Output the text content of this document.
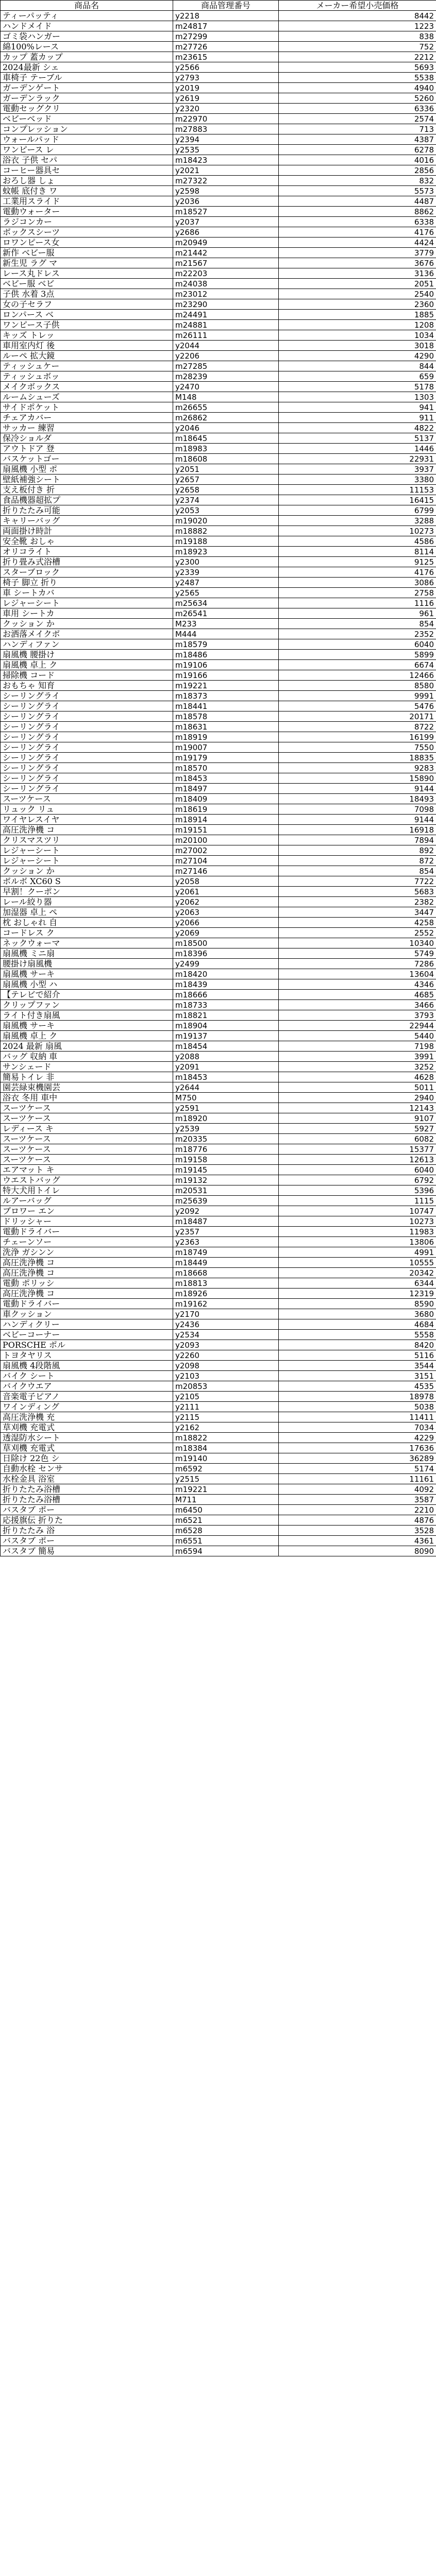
商品名	商品管理番号	メーカー希望小売価格
ティーパッティ	y2218	8442
ハンドメイド	m24817	1223
ゴミ袋ハンガー	m27299	838
綿100%レース	m27726	752
カップ 蓋カップ	m23615	2212
2024最新 シェ	y2566	5693
車椅子 テーブル	y2793	5538
ガーデンゲート	y2019	4940
ガーデンラック	y2619	5260
電動セッグクリ	y2320	6336
ベビーベッド	m22970	2574
コンプレッション	m27883	713
ウォールパッド	y2394	4387
ワンピース レ	y2535	6278
浴衣 子供 セパ	m18423	4016
コーヒー器具セ	y2021	2856
おろし器 しょ	m27322	832
蚊帳 底付き ワ	y2598	5573
工業用スライド	y2036	4487
電動ウォーター	m18527	8862
ラジコンカー	y2037	6338
ボックスシーツ	y2686	4176
ロワンピース女	m20949	4424
新作 ベビー服	m21442	3779
新生児 ラグ マ	m21567	3676
レース丸ドレス	m22203	3136
ベビー服 ベビ	m24038	2051
子供 水着 3点	m23012	2540
女の子セラフ	m23290	2360
ロンパース ベ	m24491	1885
ワンピース子供	m24881	1208
キッズ トレッ	m26111	1034
車用室内灯 後	y2044	3018
ルーペ 拡大鏡	y2206	4290
ティッシュケー	m27285	844
ティッシュボッ	m28239	659
メイクボックス	y2470	5178
ルームシューズ	M148	1303
サイドポケット	m26655	941
チェアカバー	m26862	911
サッカー 練習	y2046	4822
保冷ショルダ	m18645	5137
アウトドア 登	m18983	1446
バスケットゴー	m18608	22931
扇風機 小型 ポ	y2051	3937
壁紙補強シート	y2657	3380
支え板付き 折	y2658	11153
食品機器超拡プ	y2374	16415
折りたたみ可能	y2053	6799
キャリーバッグ	m19020	3288
両面掛け時計	m18882	10273
安全靴 おしゃ	m19188	4586
オリコライト	m18923	8114
折り畳み式浴槽	y2300	9125
スターブロック	y2339	4176
椅子 脚立 折り	y2487	3086
車 シートカバ	y2565	2758
レジャーシート	m25634	1116
車用 シートカ	m26541	961
クッション か	M233	854
お洒落メイクボ	M444	2352
ハンディファン	m18579	6040
扇風機 腰掛け	m18486	5899
扇風機 卓上 ク	m19106	6674
掃除機 コード	m19166	12466
おもちゃ 知育	m19221	8580
シーリングライ	m18373	9991
シーリングライ	m18441	5476
シーリングライ	m18578	20171
シーリングライ	m18631	8722
シーリングライ	m18919	16199
シーリングライ	m19007	7550
シーリングライ	m19179	18835
シーリングライ	m18570	9283
シーリングライ	m18453	15890
シーリングライ	m18497	9144
スーツケース	m18409	18493
リュック リュ	m18619	7098
ワイヤレスイヤ	m18914	9144
高圧洗浄機 コ	m19151	16918
クリスマスツリ	m20100	7894
レジャーシート	m27002	892
レジャーシート	m27104	872
クッション か	m27146	854
ボルボ XC60 S	y2058	7722
早割！クーポン	y2061	5683
レール絞り器	y2062	2382
加湿器 卓上 ペ	y2063	3447
枕 おしゃれ 自	y2066	4258
コードレス ク	y2069	2552
ネックウォーマ	m18500	10340
扇風機 ミニ扇	m18396	5749
腰掛け扇風機	y2499	7286
扇風機 サーキ	m18420	13604
扇風機 小型 ハ	m18439	4346
【テレビで紹介	m18666	4685
クリップファン	m18733	3466
ライト付き扇風	m18821	3793
扇風機 サーキ	m18904	22944
扇風機 卓上 ク	m19137	5440
2024 最新 扇風	m18454	7198
バッグ 収納 車	y2088	3991
サンシェード	y2091	3252
簡易トイレ 非	m18453	4628
園芸緑束機園芸	y2644	5011
浴衣 冬用 車中	M750	2940
スーツケース	y2591	12143
スーツケース	m18920	9107
レディース キ	y2539	5927
スーツケース	m20335	6082
スーツケース	m18776	15377
スーツケース	m19158	12613
エアマット キ	m19145	6040
ウエストバッグ	m19132	6792
特大犬用トイレ	m20531	5396
ルアーバッグ	m25639	1115
ブロワー エン	y2092	10747
ドリッシャー	m18487	10273
電動ドライバー	y2357	11983
チェーンソー	y2363	13806
洗浄 ガシンン	m18749	4991
高圧洗浄機 コ	m18449	10555
高圧洗浄機 コ	m18668	20342
電動 ポリッシ	m18813	6344
高圧洗浄機 コ	m18926	12319
電動ドライバー	m19162	8590
車クッション	y2170	3680
ハンディクリー	y2436	4684
ベビーコーナー	y2534	5558
PORSCHE ポル	y2093	8420
トヨタヤリス	y2260	5116
扇風機 4段階風	y2098	3544
バイク シート	y2103	3151
バイクウエア	m20853	4535
音楽電子ピアノ	y2105	18978
ワインディング	y2111	5038
高圧洗浄機 充	y2115	11411
草刈機 充電式	y2162	7034
透湿防水シート	m18822	4229
草刈機 充電式	m18384	17636
日除け 22色 シ	m19140	36289
自動水栓 センサ	m6592	5174
水栓金具 浴室	y2515	11161
折りたたみ浴槽	m19221	4092
折りたたみ浴槽	M711	3587
バスタブ ポー	m6450	2210
応援旗伝 折りた	m6521	4876
折りたたみ 浴	m6528	3528
バスタブ ポー	m6551	4361
バスタブ 簡易	m6594	8090
